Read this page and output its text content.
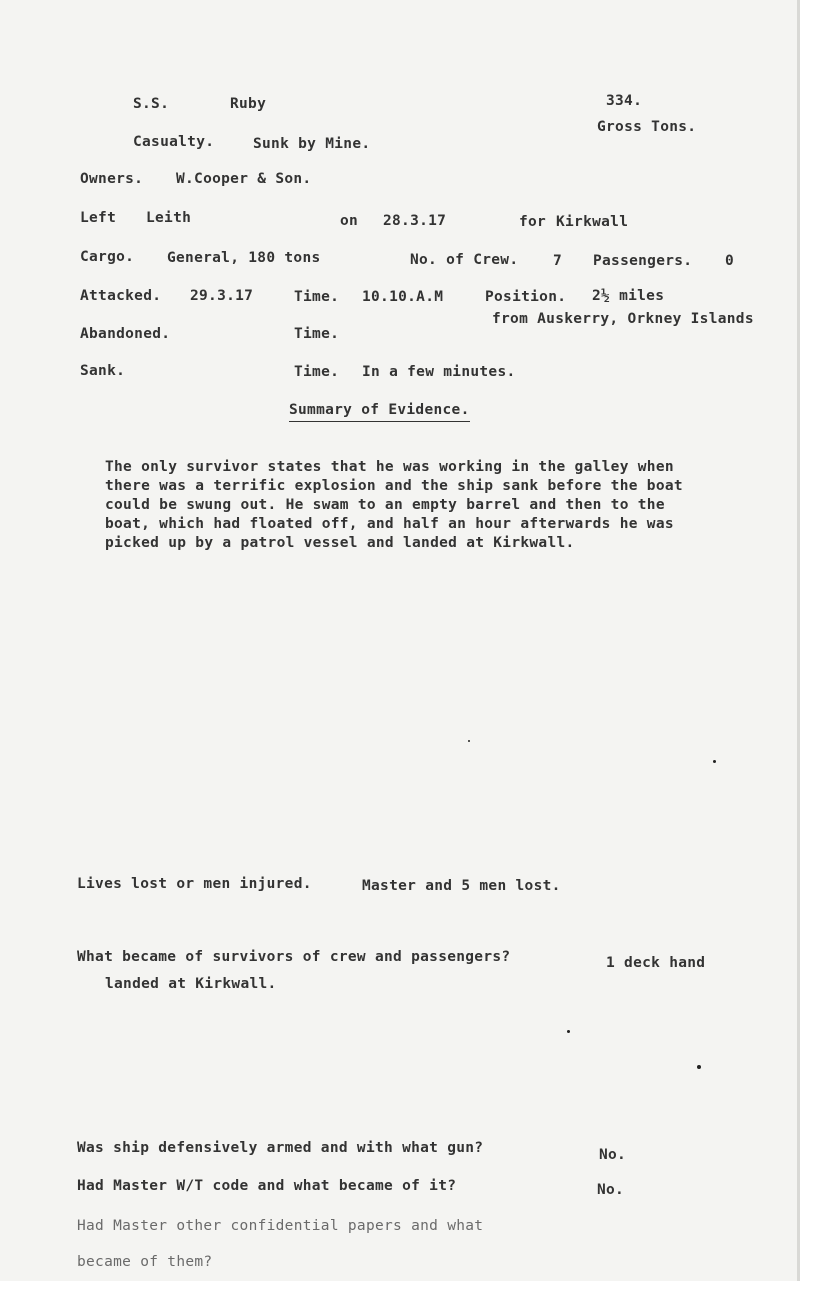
S.S.	Ruby	334.
Gross Tons.
Casualty.	Sunk by Mine.
Owners. W.Cooper & Son.
Left Leith	on 28.3.17	for Kirkwall
Cargo. General, 180 tons	No. of Crew. 7 Passengers. 0
Attacked. 29.3.17	Time. 10.10.A.M	Position. 2½ miles
from Auskerry, Orkney Islands
Abandoned.	Time.
Sank.	Time. In a few minutes.
Summary of Evidence.
The only survivor states that he was working in the galley when
there was a terrific explosion and the ship sank before the boat
could be swung out. He swam to an empty barrel and then to the
boat, which had floated off, and half an hour afterwards he was
picked up by a patrol vessel and landed at Kirkwall.
Lives lost or men injured.	Master and 5 men lost.
What became of survivors of crew and passengers?	1 deck hand
landed at Kirkwall.
Was ship defensively armed and with what gun?	No.
Had Master W/T code and what became of it?	No.
Had Master other confidential papers and what
became of them?
